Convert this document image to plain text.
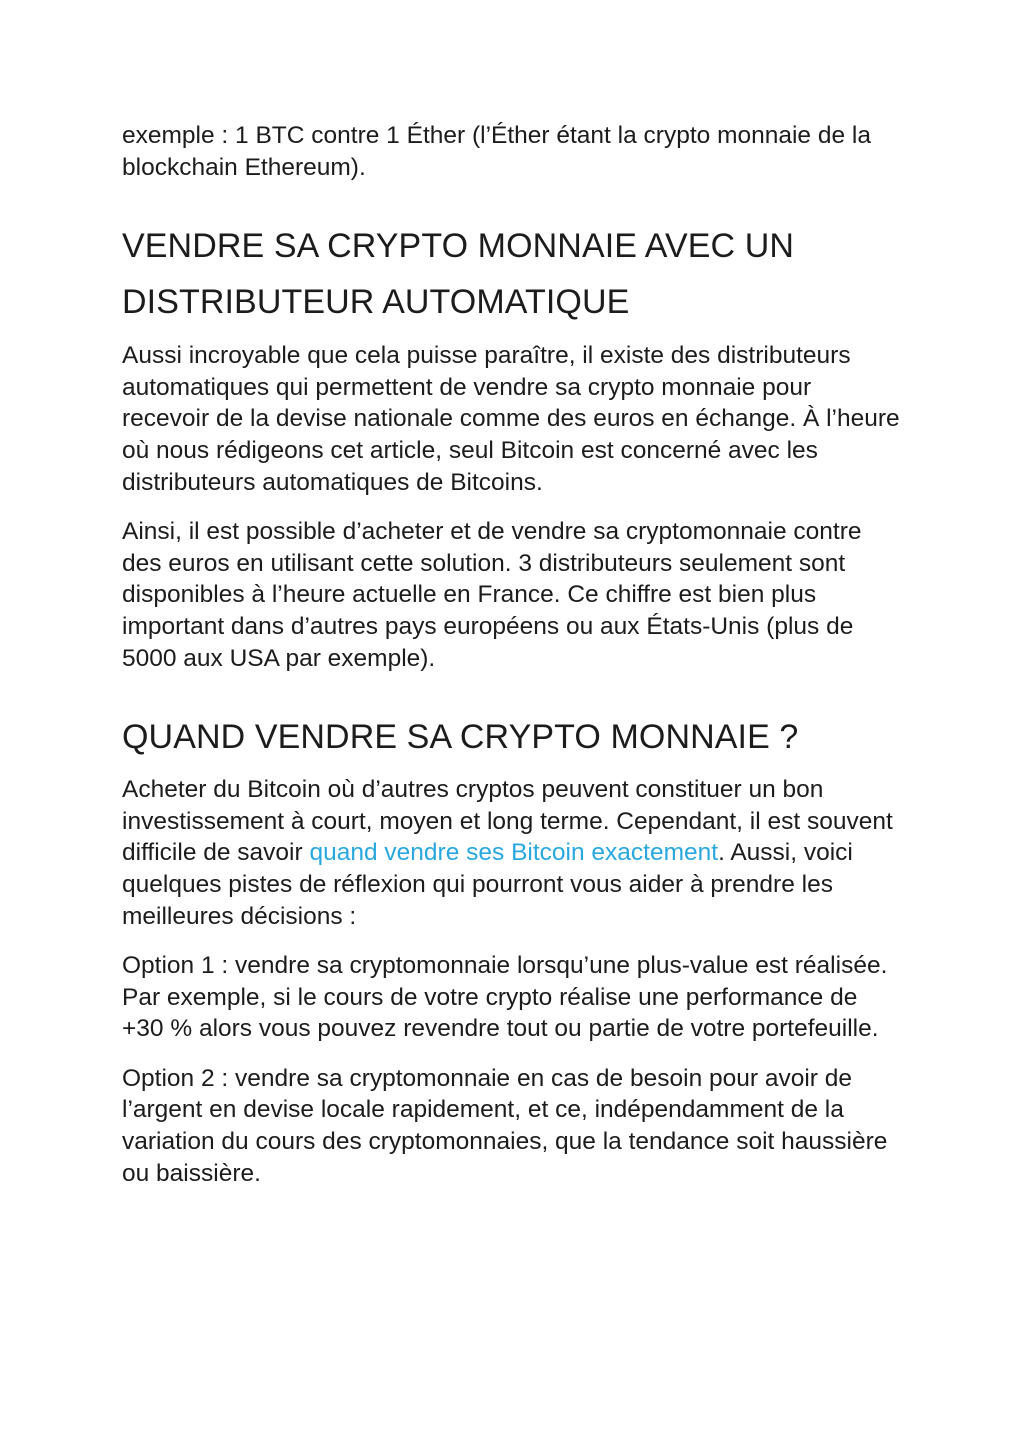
exemple : 1 BTC contre 1 Éther (l’Éther étant la crypto monnaie de la blockchain Ethereum).

VENDRE SA CRYPTO MONNAIE AVEC UN DISTRIBUTEUR AUTOMATIQUE

Aussi incroyable que cela puisse paraître, il existe des distributeurs automatiques qui permettent de vendre sa crypto monnaie pour recevoir de la devise nationale comme des euros en échange. À l’heure où nous rédigeons cet article, seul Bitcoin est concerné avec les distributeurs automatiques de Bitcoins.

Ainsi, il est possible d’acheter et de vendre sa cryptomonnaie contre des euros en utilisant cette solution. 3 distributeurs seulement sont disponibles à l’heure actuelle en France. Ce chiffre est bien plus important dans d’autres pays européens ou aux États-Unis (plus de 5000 aux USA par exemple).

QUAND VENDRE SA CRYPTO MONNAIE ?

Acheter du Bitcoin où d’autres cryptos peuvent constituer un bon investissement à court, moyen et long terme. Cependant, il est souvent difficile de savoir quand vendre ses Bitcoin exactement. Aussi, voici quelques pistes de réflexion qui pourront vous aider à prendre les meilleures décisions :

Option 1 : vendre sa cryptomonnaie lorsqu’une plus-value est réalisée. Par exemple, si le cours de votre crypto réalise une performance de +30 % alors vous pouvez revendre tout ou partie de votre portefeuille.

Option 2 : vendre sa cryptomonnaie en cas de besoin pour avoir de l’argent en devise locale rapidement, et ce, indépendamment de la variation du cours des cryptomonnaies, que la tendance soit haussière ou baissière.
